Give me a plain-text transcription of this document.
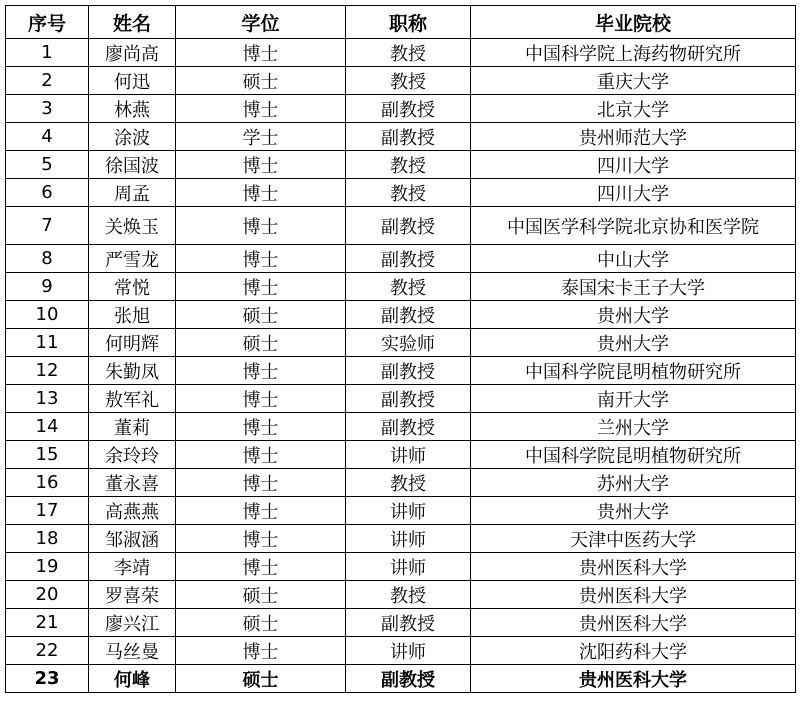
序号	姓名	学位	职称	毕业院校
1	廖尚高	博士	教授	中国科学院上海药物研究所
2	何迅	硕士	教授	重庆大学
3	林燕	博士	副教授	北京大学
4	涂波	学士	副教授	贵州师范大学
5	徐国波	博士	教授	四川大学
6	周孟	博士	教授	四川大学
7	关焕玉	博士	副教授	中国医学科学院北京协和医学院
8	严雪龙	博士	副教授	中山大学
9	常悦	博士	教授	泰国宋卡王子大学
10	张旭	硕士	副教授	贵州大学
11	何明辉	硕士	实验师	贵州大学
12	朱勤凤	博士	副教授	中国科学院昆明植物研究所
13	敖军礼	博士	副教授	南开大学
14	董莉	博士	副教授	兰州大学
15	余玲玲	博士	讲师	中国科学院昆明植物研究所
16	董永喜	博士	教授	苏州大学
17	高燕燕	博士	讲师	贵州大学
18	邹淑涵	博士	讲师	天津中医药大学
19	李靖	博士	讲师	贵州医科大学
20	罗喜荣	硕士	教授	贵州医科大学
21	廖兴江	硕士	副教授	贵州医科大学
22	马丝曼	博士	讲师	沈阳药科大学
23	何峰	硕士	副教授	贵州医科大学
